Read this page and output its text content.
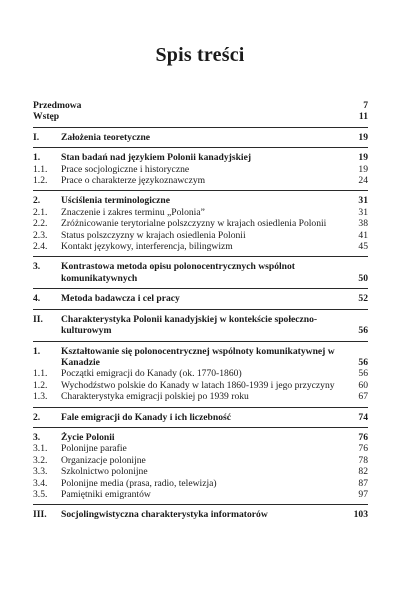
Spis treści
Przedmowa	7
Wstęp	11
I.	Założenia teoretyczne	19
1.	Stan badań nad językiem Polonii kanadyjskiej	19
1.1.	Prace socjologiczne i historyczne	19
1.2.	Prace o charakterze językoznawczym	24
2.	Uściślenia terminologiczne	31
2.1.	Znaczenie i zakres terminu „Polonia”	31
2.2.	Zróżnicowanie terytorialne polszczyzny w krajach osiedlenia Polonii	38
2.3.	Status polszczyzny w krajach osiedlenia Polonii	41
2.4.	Kontakt językowy, interferencja, bilingwizm	45
3.	Kontrastowa metoda opisu polonocentrycznych wspólnot komunikatywnych	50
4.	Metoda badawcza i cel pracy	52
II.	Charakterystyka Polonii kanadyjskiej w kontekście społeczno-kulturowym	56
1.	Kształtowanie się polonocentrycznej wspólnoty komunikatywnej w Kanadzie	56
1.1.	Początki emigracji do Kanady (ok. 1770-1860)	56
1.2.	Wychodźstwo polskie do Kanady w latach 1860-1939 i jego przyczyny	60
1.3.	Charakterystyka emigracji polskiej po 1939 roku	67
2.	Fale emigracji do Kanady i ich liczebność	74
3.	Życie Polonii	76
3.1.	Polonijne parafie	76
3.2.	Organizacje polonijne	78
3.3.	Szkolnictwo polonijne	82
3.4.	Polonijne media (prasa, radio, telewizja)	87
3.5.	Pamiętniki emigrantów	97
III.	Socjolingwistyczna charakterystyka informatorów	103
